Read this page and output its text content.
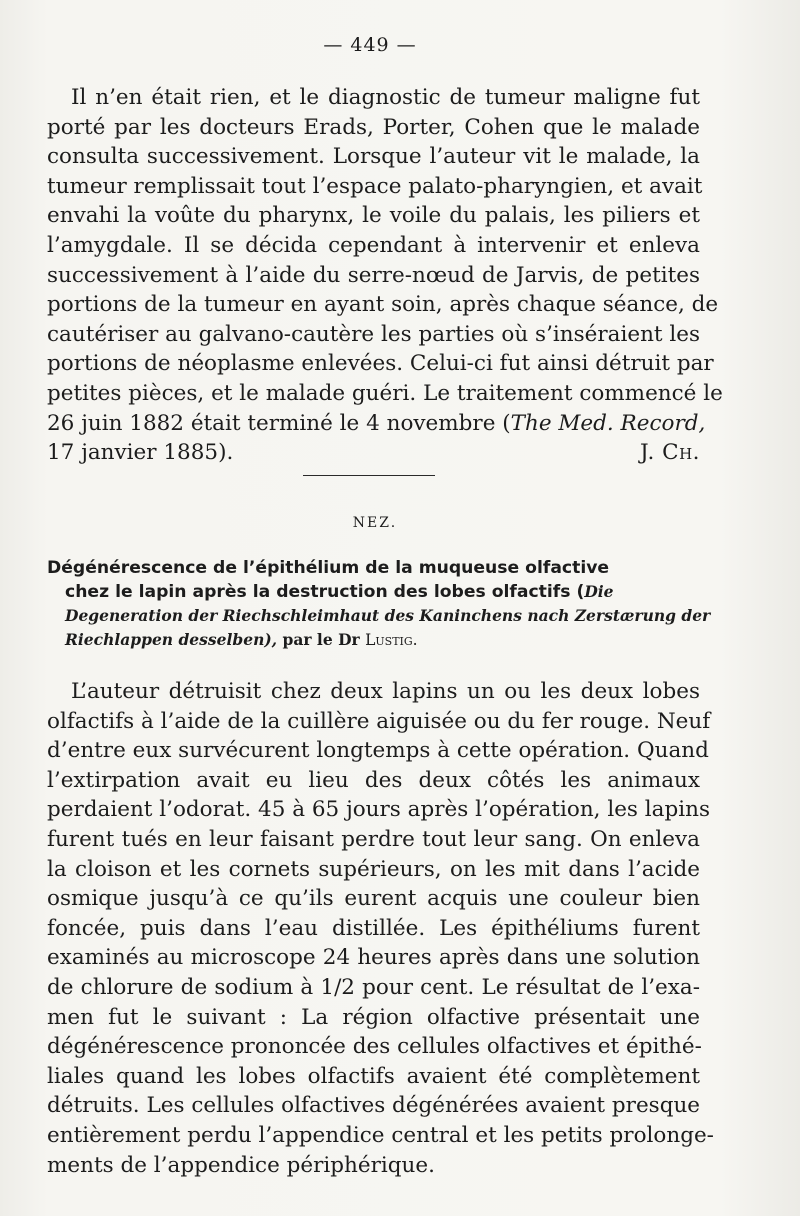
— 449 —

Il n’en était rien, et le diagnostic de tumeur maligne fut

porté par les docteurs Erads, Porter, Cohen que le malade
consulta successivement. Lorsque l’auteur vit le malade, la
tumeur remplissait tout l’espace palato-pharyngien, et avait
envahi la voûte du pharynx, le voile du palais, les piliers et
l’amygdale. Il se décida cependant à intervenir et enleva
successivement à l’aide du serre-nœud de Jarvis, de petites
portions de la tumeur en ayant soin, après chaque séance, de
cautériser au galvano-cautère les parties où s’inséraient les
portions de néoplasme enlevées. Celui-ci fut ainsi détruit par
petites pièces, et le malade guéri. Le traitement commencé le
26 juin 1882 était terminé le 4 novembre (The Med. Record,

17 janvier 1885).	J. Ch.
NEZ.
Dégénérescence de l’épithélium de la muqueuse olfactive
chez le lapin après la destruction des lobes olfactifs (Die
Degeneration der Riechschleimhaut des Kaninchens nach Zerstærung der
Riechlappen desselben), par le Dr Lustig.

L’auteur détruisit chez deux lapins un ou les deux lobes

olfactifs à l’aide de la cuillère aiguisée ou du fer rouge. Neuf
d’entre eux survécurent longtemps à cette opération. Quand
l’extirpation avait eu lieu des deux côtés les animaux
perdaient l’odorat. 45 à 65 jours après l’opération, les lapins
furent tués en leur faisant perdre tout leur sang. On enleva
la cloison et les cornets supérieurs, on les mit dans l’acide
osmique jusqu’à ce qu’ils eurent acquis une couleur bien
foncée, puis dans l’eau distillée. Les épithéliums furent
examinés au microscope 24 heures après dans une solution
de chlorure de sodium à 1/2 pour cent. Le résultat de l’exa-
men fut le suivant : La région olfactive présentait une
dégénérescence prononcée des cellules olfactives et épithé-
liales quand les lobes olfactifs avaient été complètement
détruits. Les cellules olfactives dégénérées avaient presque
entièrement perdu l’appendice central et les petits prolonge-
ments de l’appendice périphérique.
